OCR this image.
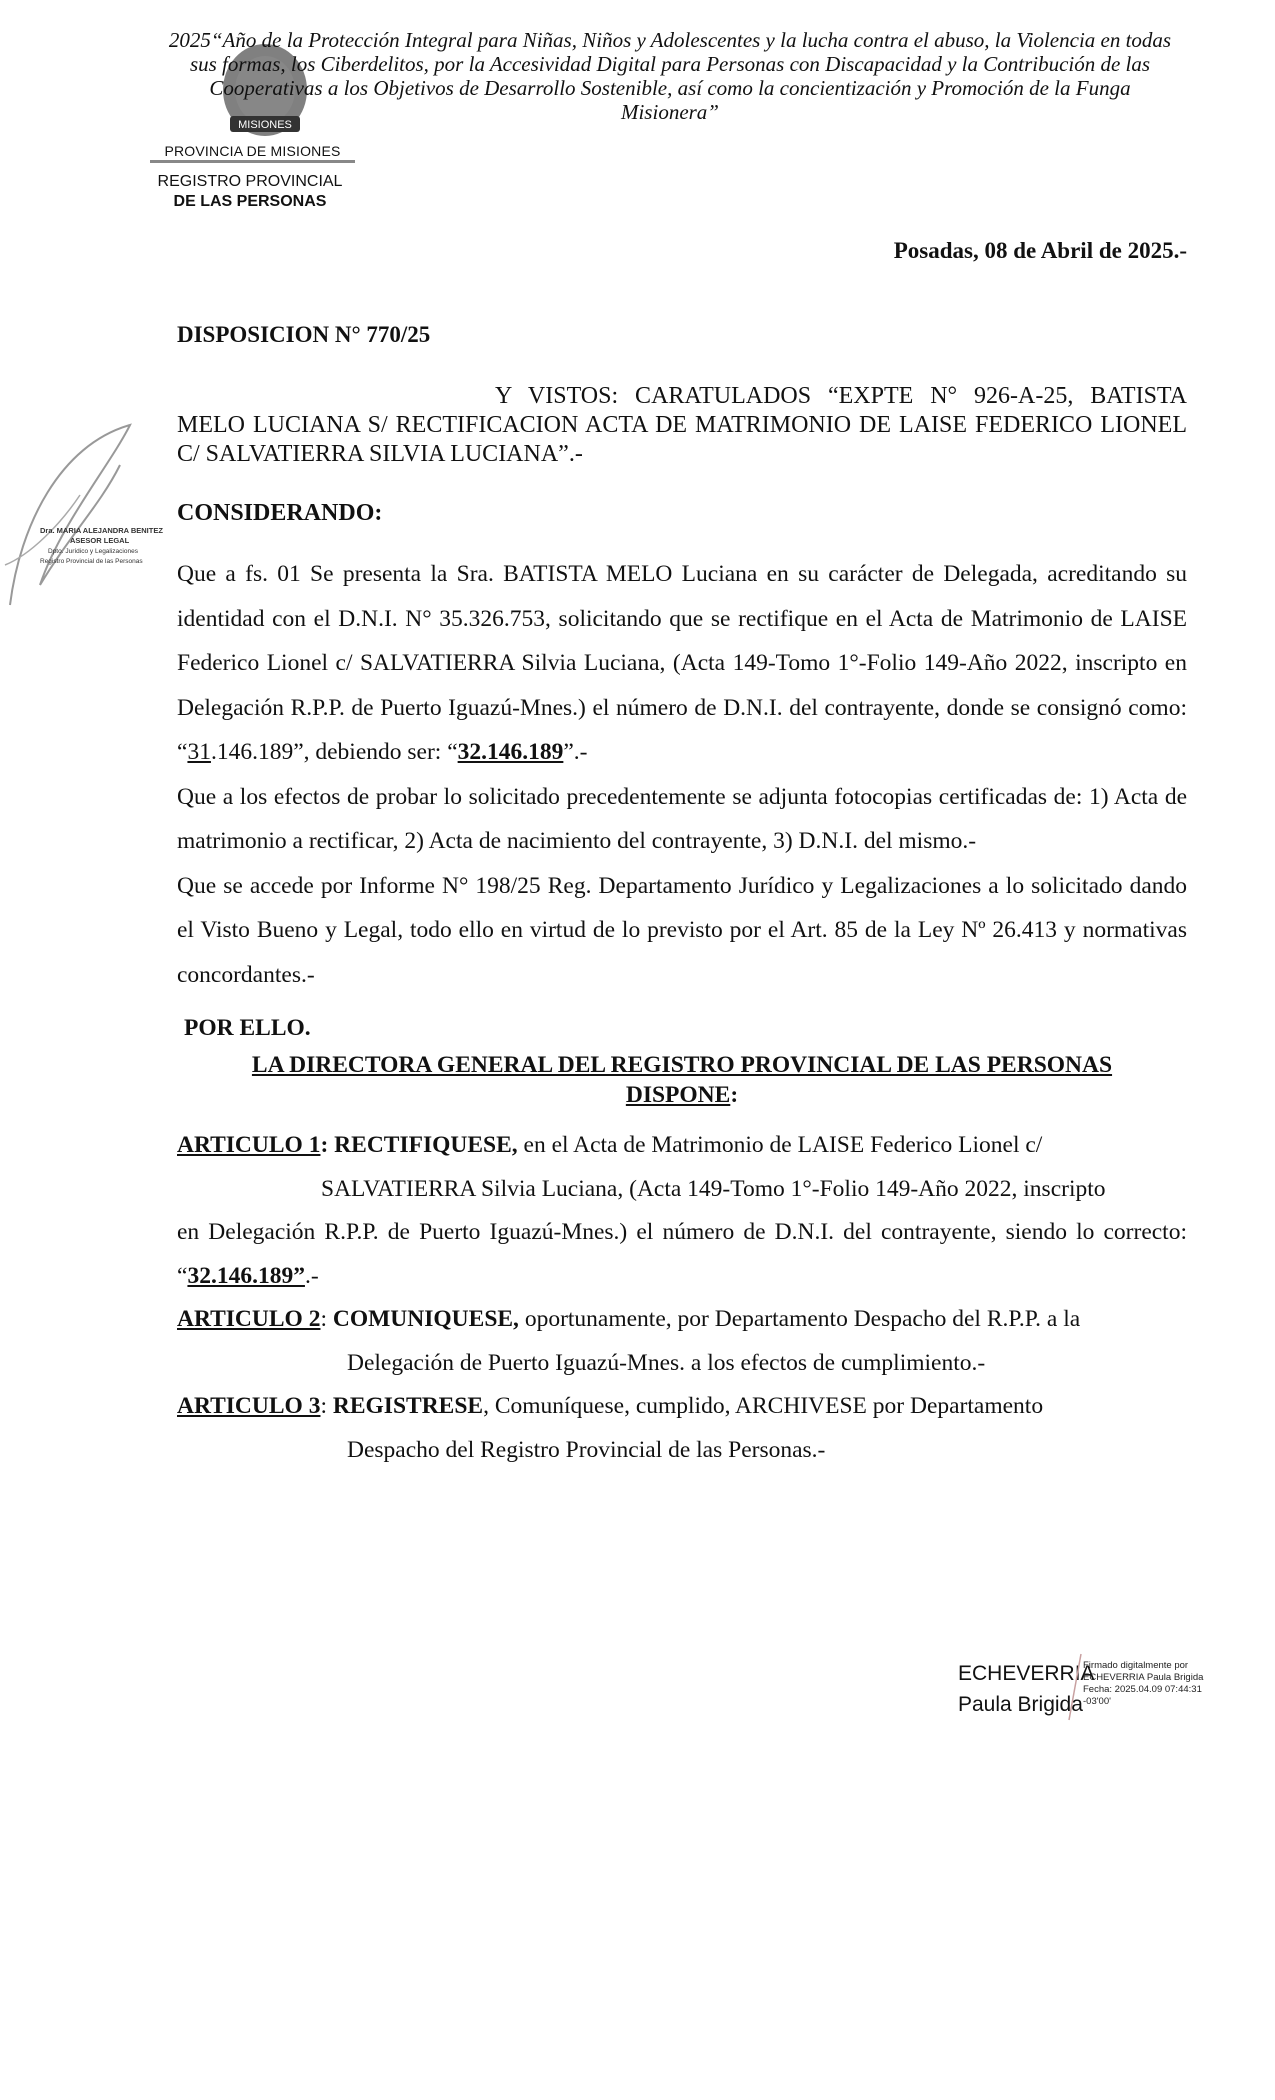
MISIONES
2025“Año de la Protección Integral para Niñas, Niños y Adolescentes y la lucha contra el abuso, la Violencia en todas sus formas, los Ciberdelitos, por la Accesividad Digital para Personas con Discapacidad y la Contribución de las Cooperativas a los Objetivos de Desarrollo Sostenible, así como la concientización y Promoción de la Funga Misionera”
PROVINCIA DE MISIONES
REGISTRO PROVINCIAL
DE LAS PERSONAS
Posadas, 08 de Abril de 2025.-
DISPOSICION N° 770/25
Y VISTOS: CARATULADOS “EXPTE N° 926-A-25, BATISTA MELO LUCIANA S/ RECTIFICACION ACTA DE MATRIMONIO DE LAISE FEDERICO LIONEL C/ SALVATIERRA SILVIA LUCIANA”.-
Dra. MARIA ALEJANDRA BENITEZ
ASESOR LEGAL
Dpto. Jurídico y Legalizaciones
Registro Provincial de las Personas
CONSIDERANDO:

Que a fs. 01 Se presenta la Sra. BATISTA MELO Luciana en su carácter de Delegada, acreditando su identidad con el D.N.I. N° 35.326.753, solicitando que se rectifique en el Acta de Matrimonio de LAISE Federico Lionel c/ SALVATIERRA Silvia Luciana, (Acta 149-Tomo 1°-Folio 149-Año 2022, inscripto en Delegación R.P.P. de Puerto Iguazú-Mnes.) el número de D.N.I. del contrayente, donde se consignó como: “31.146.189”, debiendo ser: “32.146.189”.-

Que a los efectos de probar lo solicitado precedentemente se adjunta fotocopias certificadas de: 1) Acta de matrimonio a rectificar, 2) Acta de nacimiento del contrayente, 3) D.N.I. del mismo.-

Que se accede por Informe N° 198/25 Reg. Departamento Jurídico y Legalizaciones a lo solicitado dando el Visto Bueno y Legal, todo ello en virtud de lo previsto por el Art. 85 de la Ley Nº 26.413 y normativas concordantes.-

POR ELLO.
LA DIRECTORA GENERAL DEL REGISTRO PROVINCIAL DE LAS PERSONAS
DISPONE:

ARTICULO 1: RECTIFIQUESE, en el Acta de Matrimonio de LAISE Federico Lionel c/

SALVATIERRA Silvia Luciana, (Acta 149-Tomo 1°-Folio 149-Año 2022, inscripto

en Delegación R.P.P. de Puerto Iguazú-Mnes.) el número de D.N.I. del contrayente, siendo lo correcto: “32.146.189”.-

ARTICULO 2: COMUNIQUESE, oportunamente, por Departamento Despacho del R.P.P. a la

Delegación de Puerto Iguazú-Mnes. a los efectos de cumplimiento.-

ARTICULO 3: REGISTRESE, Comuníquese, cumplido, ARCHIVESE por Departamento

Despacho del Registro Provincial de las Personas.-

ECHEVERRIA
Paula Brigida
Firmado digitalmente por
ECHEVERRIA Paula Brigida
Fecha: 2025.04.09 07:44:31
-03'00'
